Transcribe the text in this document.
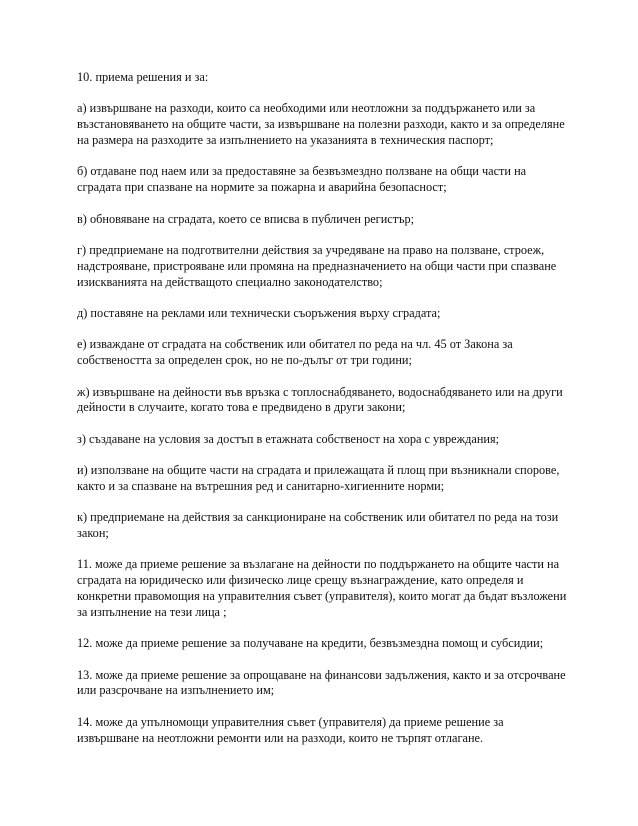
10. приема решения и за:

а) извършване на разходи, които са необходими или неотложни за поддържането или за възстановяването на общите части, за извършване на полезни разходи, както и за определяне на размера на разходите за изпълнението на указанията в техническия паспорт;

б) отдаване под наем или за предоставяне за безвъзмездно ползване на общи части на сградата при спазване на нормите за пожарна и аварийна безопасност;

в) обновяване на сградата, което се вписва в публичен регистър;

г) предприемане на подготвителни действия за учредяване на право на ползване, строеж, надстрояване, пристрояване или промяна на предназначението на общи части при спазване изискванията на действащото специално законодателство;

д) поставяне на реклами или технически съоръжения върху сградата;

е) изваждане от сградата на собственик или обитател по реда на чл. 45 от Закона за собствеността за определен срок, но не по-дълъг от три години;

ж) извършване на дейности във връзка с топлоснабдяването, водоснабдяването или на други дейности в случаите, когато това е предвидено в други закони;

з) създаване на условия за достъп в етажната собственост на хора с увреждания;

и) използване на общите части на сградата и прилежащата й площ при възникнали спорове, както и за спазване на вътрешния ред и санитарно-хигиенните норми;

к) предприемане на действия за санкциониране на собственик или обитател по реда на този закон;

11. може да приеме решение за възлагане на дейности по поддържането на общите части на сградата на юридическо или физическо лице срещу възнаграждение, като определя и конкретни правомощия на управителния съвет (управителя), които могат да бъдат възложени за изпълнение на тези лица ;

12. може да приеме решение за получаване на кредити, безвъзмездна помощ и субсидии;

13. може да приеме решение за опрощаване на финансови задължения, както и за отсрочване или разсрочване на изпълнението им;

14. може да упълномощи управителния съвет (управителя) да приеме решение за извършване на неотложни ремонти или на разходи, които не търпят отлагане.
